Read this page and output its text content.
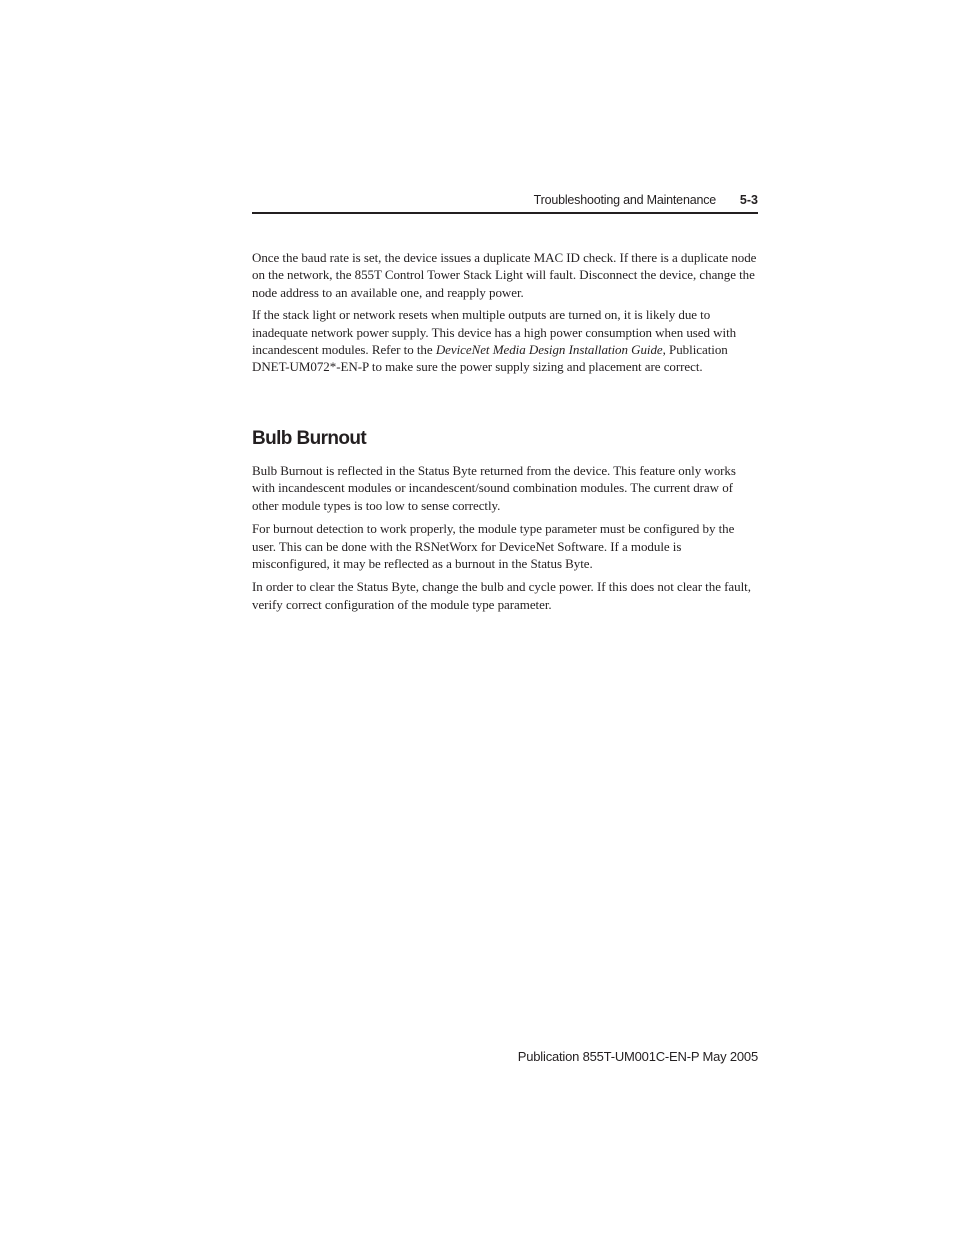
Troubleshooting and Maintenance 5-3

Once the baud rate is set, the device issues a duplicate MAC ID check. If there is a duplicate node on the network, the 855T Control Tower Stack Light will fault. Disconnect the device, change the node address to an available one, and reapply power.

If the stack light or network resets when multiple outputs are turned on, it is likely due to inadequate network power supply. This device has a high power consumption when used with incandescent modules. Refer to the DeviceNet Media Design Installation Guide, Publication DNET-UM072*-EN-P to make sure the power supply sizing and placement are correct.

Bulb Burnout

Bulb Burnout is reflected in the Status Byte returned from the device. This feature only works with incandescent modules or incandescent/sound combination modules. The current draw of other module types is too low to sense correctly.

For burnout detection to work properly, the module type parameter must be configured by the user. This can be done with the RSNetWorx for DeviceNet Software. If a module is misconfigured, it may be reflected as a burnout in the Status Byte.

In order to clear the Status Byte, change the bulb and cycle power. If this does not clear the fault, verify correct configuration of the module type parameter.

Publication 855T-UM001C-EN-P May 2005
